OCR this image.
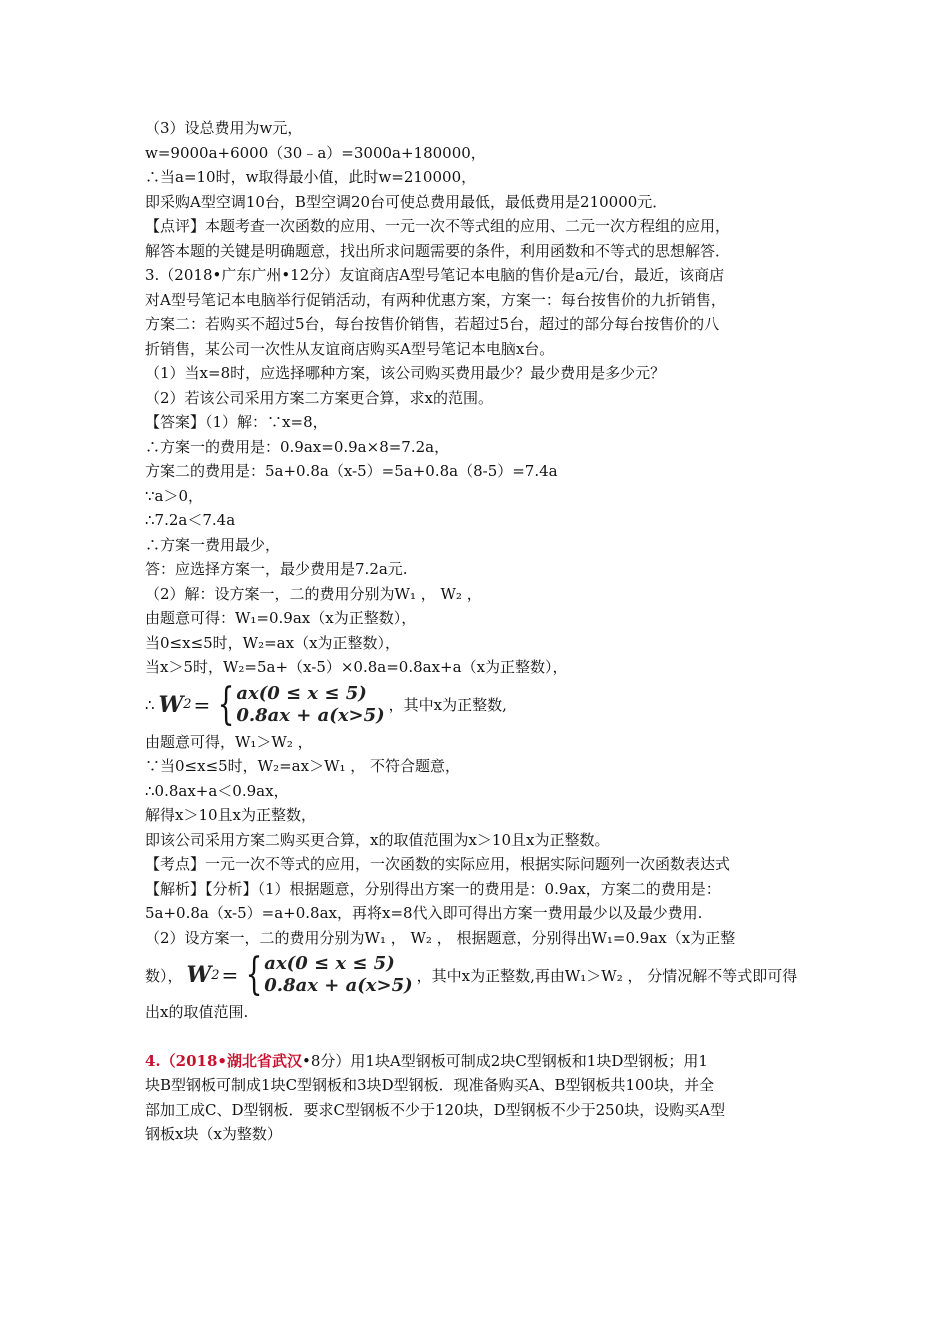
（3）设总费用为w元，
w=9000a+6000（30﹣a）=3000a+180000，
∴当a=10时，w取得最小值，此时w=210000，
即采购A型空调10台，B型空调20台可使总费用最低，最低费用是210000元．
【点评】本题考查一次函数的应用、一元一次不等式组的应用、二元一次方程组的应用，
解答本题的关键是明确题意，找出所求问题需要的条件，利用函数和不等式的思想解答．
3.（2018•广东广州•12分）友谊商店A型号笔记本电脑的售价是a元/台，最近，该商店
对A型号笔记本电脑举行促销活动，有两种优惠方案，方案一：每台按售价的九折销售，
方案二：若购买不超过5台，每台按售价销售，若超过5台，超过的部分每台按售价的八
折销售，某公司一次性从友谊商店购买A型号笔记本电脑x台。
（1）当x=8时，应选择哪种方案，该公司购买费用最少？最少费用是多少元？
（2）若该公司采用方案二方案更合算，求x的范围。
【答案】（1）解：∵x=8，
∴方案一的费用是：0.9ax=0.9a×8=7.2a，
方案二的费用是：5a+0.8a（x-5）=5a+0.8a（8-5）=7.4a
∵a＞0，
∴7.2a＜7.4a
∴方案一费用最少，
答：应选择方案一，最少费用是7.2a元.
（2）解：设方案一，二的费用分别为W₁ ， W₂ ，
由题意可得：W₁=0.9ax（x为正整数），
当0≤x≤5时，W₂=ax（x为正整数），
当x＞5时，W₂=5a+（x-5）×0.8a=0.8ax+a（x为正整数），
∴ W 2 = { ax(0 ≤ x ≤ 5)
0.8ax + a(x>5) ，其中x为正整数,
由题意可得，W₁＞W₂ ，
∵当0≤x≤5时，W₂=ax＞W₁ ， 不符合题意，
∴0.8ax+a＜0.9ax，
解得x＞10且x为正整数，
即该公司采用方案二购买更合算，x的取值范围为x＞10且x为正整数。
【考点】一元一次不等式的应用，一次函数的实际应用，根据实际问题列一次函数表达式
【解析】【分析】（1）根据题意，分别得出方案一的费用是：0.9ax，方案二的费用是：
5a+0.8a（x-5）=a+0.8ax，再将x=8代入即可得出方案一费用最少以及最少费用.
（2）设方案一，二的费用分别为W₁ ， W₂ ， 根据题意，分别得出W₁=0.9ax（x为正整
数）， W 2 = { ax(0 ≤ x ≤ 5)
0.8ax + a(x>5) ，其中x为正整数,再由W₁＞W₂ ， 分情况解不等式即可得
出x的取值范围.
4.（2018•湖北省武汉•8分）用1块A型钢板可制成2块C型钢板和1块D型钢板；用1
块B型钢板可制成1块C型钢板和3块D型钢板．现准备购买A、B型钢板共100块，并全
部加工成C、D型钢板．要求C型钢板不少于120块，D型钢板不少于250块，设购买A型
钢板x块（x为整数）
